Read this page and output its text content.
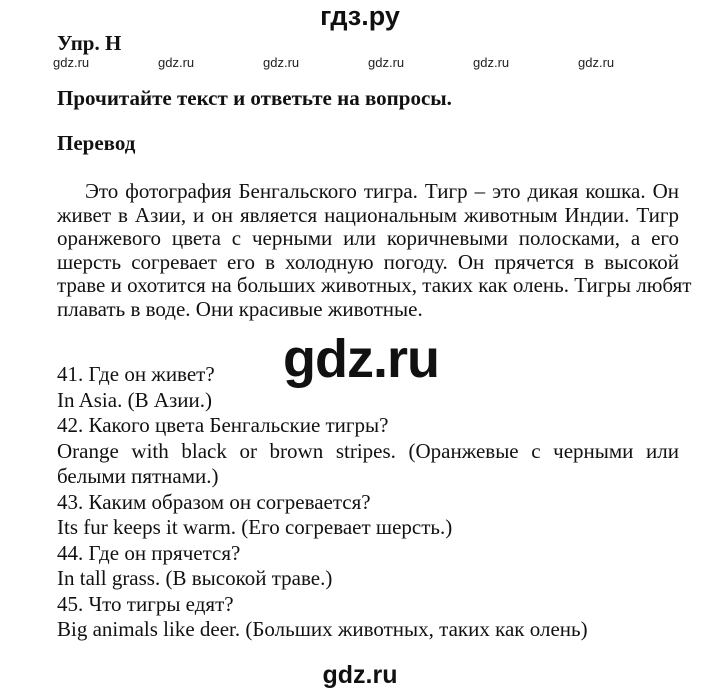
гдз.ру
Упр. H
gdz.ru	gdz.ru	gdz.ru	gdz.ru	gdz.ru	gdz.ru
Прочитайте текст и ответьте на вопросы.
Перевод
Это фотография Бенгальского тигра. Тигр – это дикая кошка. Он
живет в Азии, и он является национальным животным Индии. Тигр
оранжевого цвета с черными или коричневыми полосками, а его
шерсть согревает его в холодную погоду. Он прячется в высокой
траве и охотится на больших животных, таких как олень. Тигры любят
плавать в воде. Они красивые животные.
gdz.ru
41. Где он живет?
In Asia. (В Азии.)
42. Какого цвета Бенгальские тигры?
Orange with black or brown stripes. (Оранжевые с черными или
белыми пятнами.)
43. Каким образом он согревается?
Its fur keeps it warm. (Его согревает шерсть.)
44. Где он прячется?
In tall grass. (В высокой траве.)
45. Что тигры едят?
Big animals like deer. (Больших животных, таких как олень)
gdz.ru
